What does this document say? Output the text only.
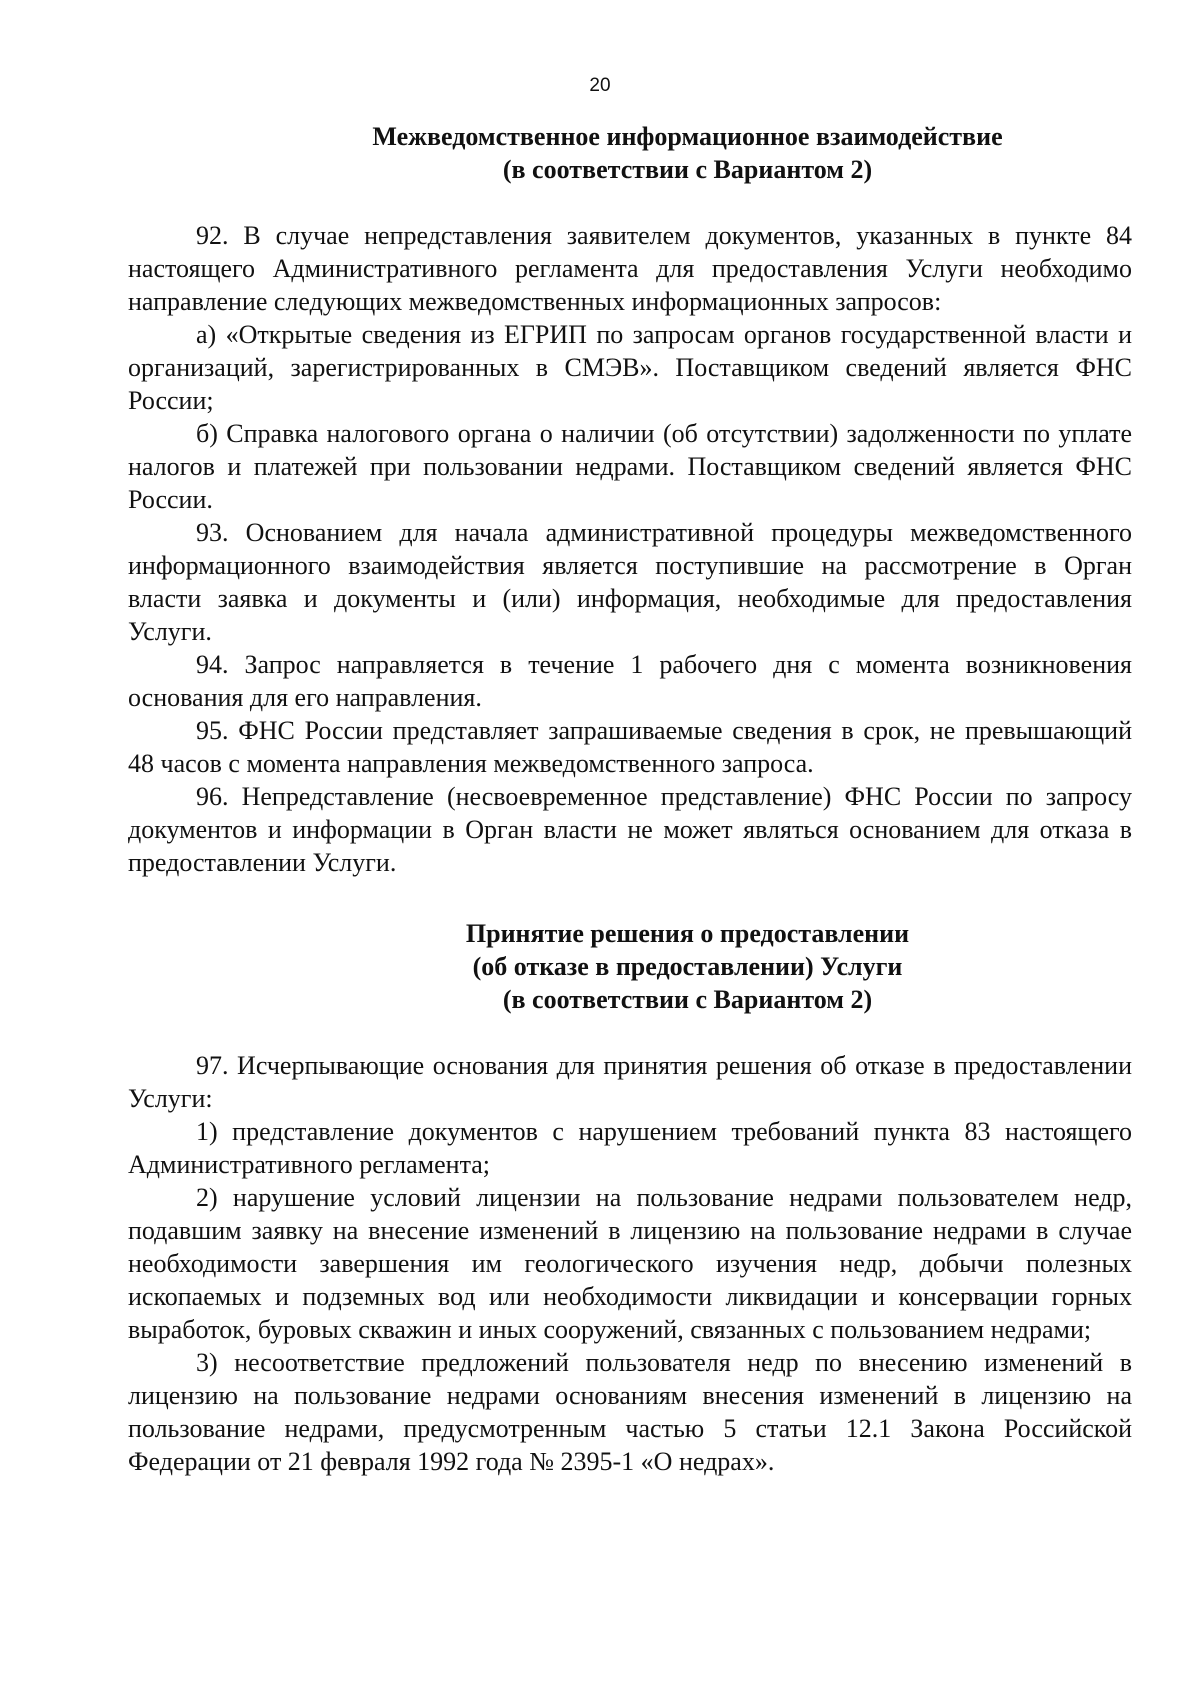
20
Межведомственное информационное взаимодействие
(в соответствии с Вариантом 2)

92. В случае непредставления заявителем документов, указанных в пункте 84 настоящего Административного регламента для предоставления Услуги необходимо направление следующих межведомственных информационных запросов:

а) «Открытые сведения из ЕГРИП по запросам органов государственной власти и организаций, зарегистрированных в СМЭВ». Поставщиком сведений является ФНС России;

б) Справка налогового органа о наличии (об отсутствии) задолженности по уплате налогов и платежей при пользовании недрами. Поставщиком сведений является ФНС России.

93. Основанием для начала административной процедуры межведомственного информационного взаимодействия является поступившие на рассмотрение в Орган власти заявка и документы и (или) информация, необходимые для предоставления Услуги.

94. Запрос направляется в течение 1 рабочего дня с момента возникновения основания для его направления.

95. ФНС России представляет запрашиваемые сведения в срок, не превышающий 48 часов с момента направления межведомственного запроса.

96. Непредставление (несвоевременное представление) ФНС России по запросу документов и информации в Орган власти не может являться основанием для отказа в предоставлении Услуги.

Принятие решения о предоставлении
(об отказе в предоставлении) Услуги
(в соответствии с Вариантом 2)

97. Исчерпывающие основания для принятия решения об отказе в предоставлении Услуги:

1) представление документов с нарушением требований пункта 83 настоящего Административного регламента;

2) нарушение условий лицензии на пользование недрами пользователем недр, подавшим заявку на внесение изменений в лицензию на пользование недрами в случае необходимости завершения им геологического изучения недр, добычи полезных ископаемых и подземных вод или необходимости ликвидации и консервации горных выработок, буровых скважин и иных сооружений, связанных с пользованием недрами;

3) несоответствие предложений пользователя недр по внесению изменений в лицензию на пользование недрами основаниям внесения изменений в лицензию на пользование недрами, предусмотренным частью 5 статьи 12.1 Закона Российской Федерации от 21 февраля 1992 года № 2395-1 «О недрах».
